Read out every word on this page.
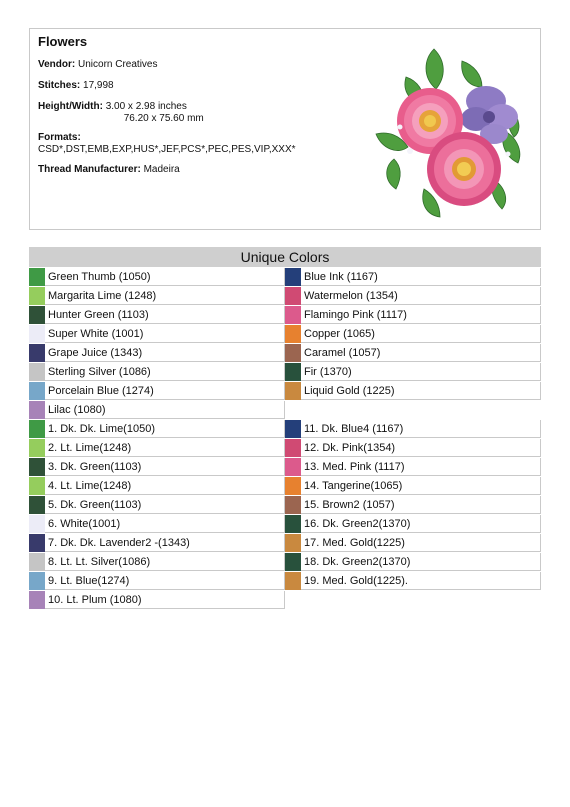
Flowers
Vendor: Unicorn Creatives
Stitches: 17,998
Height/Width: 3.00 x 2.98 inches
76.20 x 75.60 mm
Formats:
CSD*,DST,EMB,EXP,HUS*,JEF,PCS*,PEC,PES,VIP,XXX*
Thread Manufacturer: Madeira
Unique Colors
Green Thumb (1050)
Margarita Lime (1248)
Hunter Green (1103)
Super White (1001)
Grape Juice (1343)
Sterling Silver (1086)
Porcelain Blue (1274)
Lilac (1080)
1. Dk. Dk. Lime(1050)
2. Lt. Lime(1248)
3. Dk. Green(1103)
4. Lt. Lime(1248)
5. Dk. Green(1103)
6. White(1001)
7. Dk. Dk. Lavender2 -(1343)
8. Lt. Lt. Silver(1086)
9. Lt. Blue(1274)
10. Lt. Plum (1080)
Blue Ink (1167)
Watermelon (1354)
Flamingo Pink (1117)
Copper (1065)
Caramel (1057)
Fir (1370)
Liquid Gold (1225)
11. Dk. Blue4 (1167)
12. Dk. Pink(1354)
13. Med. Pink (1117)
14. Tangerine(1065)
15. Brown2 (1057)
16. Dk. Green2(1370)
17. Med. Gold(1225)
18. Dk. Green2(1370)
19. Med. Gold(1225).
